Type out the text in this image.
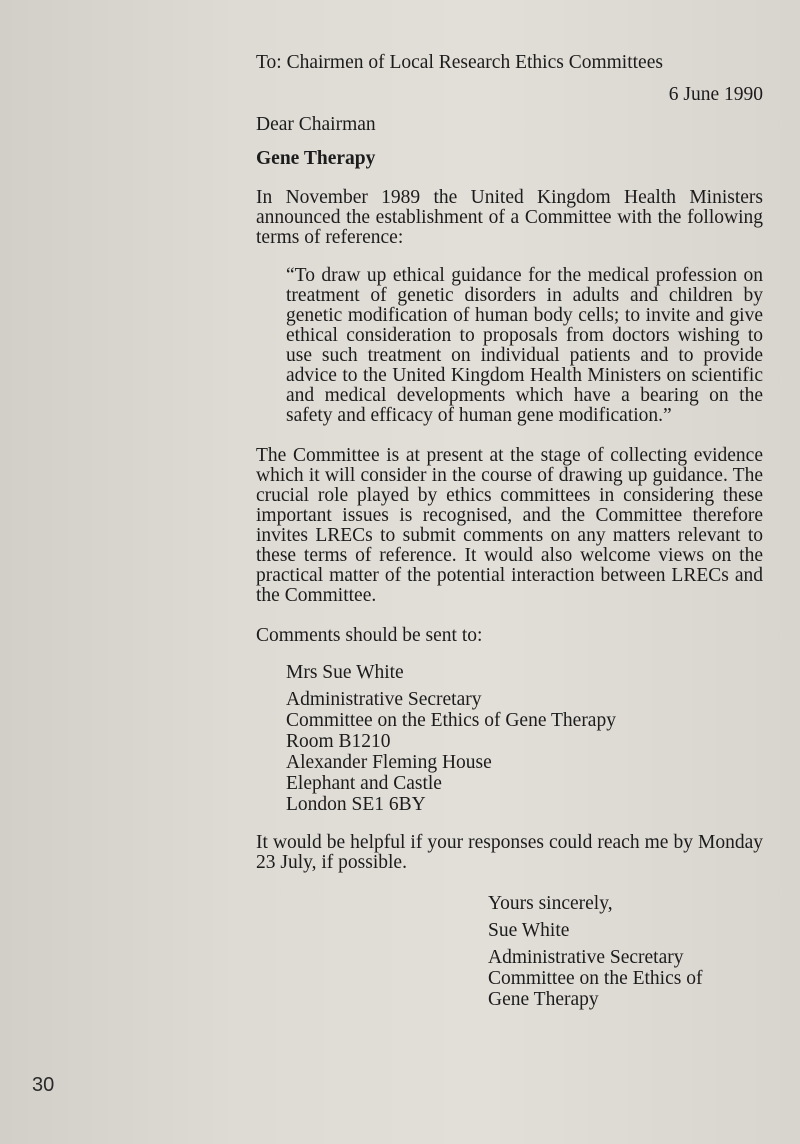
To: Chairmen of Local Research Ethics Committees

6 June 1990

Dear Chairman

Gene Therapy

In November 1989 the United Kingdom Health Ministers announced the establishment of a Committee with the following terms of reference:

“To draw up ethical guidance for the medical profession on treatment of genetic disorders in adults and children by genetic modification of human body cells; to invite and give ethical consideration to proposals from doctors wishing to use such treatment on individual patients and to provide advice to the United Kingdom Health Ministers on scientific and medical developments which have a bearing on the safety and efficacy of human gene modification.”

The Committee is at present at the stage of collecting evidence which it will consider in the course of drawing up guidance. The crucial role played by ethics committees in considering these important issues is recognised, and the Committee therefore invites LRECs to submit comments on any matters relevant to these terms of reference. It would also welcome views on the practical matter of the potential interaction between LRECs and the Committee.

Comments should be sent to:

Mrs Sue White
Administrative Secretary
Committee on the Ethics of Gene Therapy
Room B1210
Alexander Fleming House
Elephant and Castle
London SE1 6BY

It would be helpful if your responses could reach me by Monday 23 July, if possible.

Yours sincerely,
Sue White
Administrative Secretary
Committee on the Ethics of
Gene Therapy
30
